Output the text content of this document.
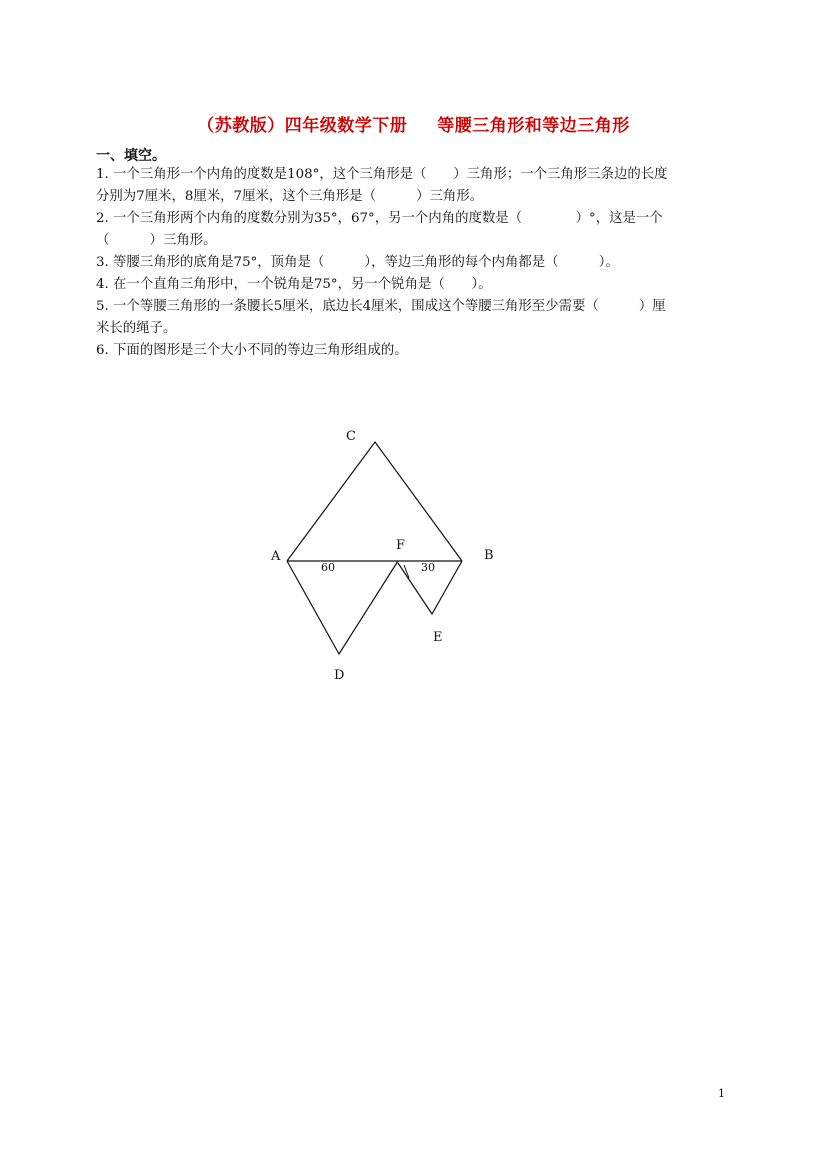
（苏教版）四年级数学下册 等腰三角形和等边三角形
一、填空。
1. 一个三角形一个内角的度数是108°，这个三角形是（　　）三角形；一个三角形三条边的长度
分别为7厘米，8厘米，7厘米，这个三角形是（　　　）三角形。
2. 一个三角形两个内角的度数分别为35°，67°，另一个内角的度数是（　　　　）°，这是一个
（　　　）三角形。
3. 等腰三角形的底角是75°，顶角是（　　　），等边三角形的每个内角都是（　　　）。
4. 在一个直角三角形中，一个锐角是75°，另一个锐角是（　　）。
5. 一个等腰三角形的一条腰长5厘米，底边长4厘米，围成这个等腰三角形至少需要（　　　）厘
米长的绳子。
6. 下面的图形是三个大小不同的等边三角形组成的。
C
A	B
F
E
D
60	30
1
